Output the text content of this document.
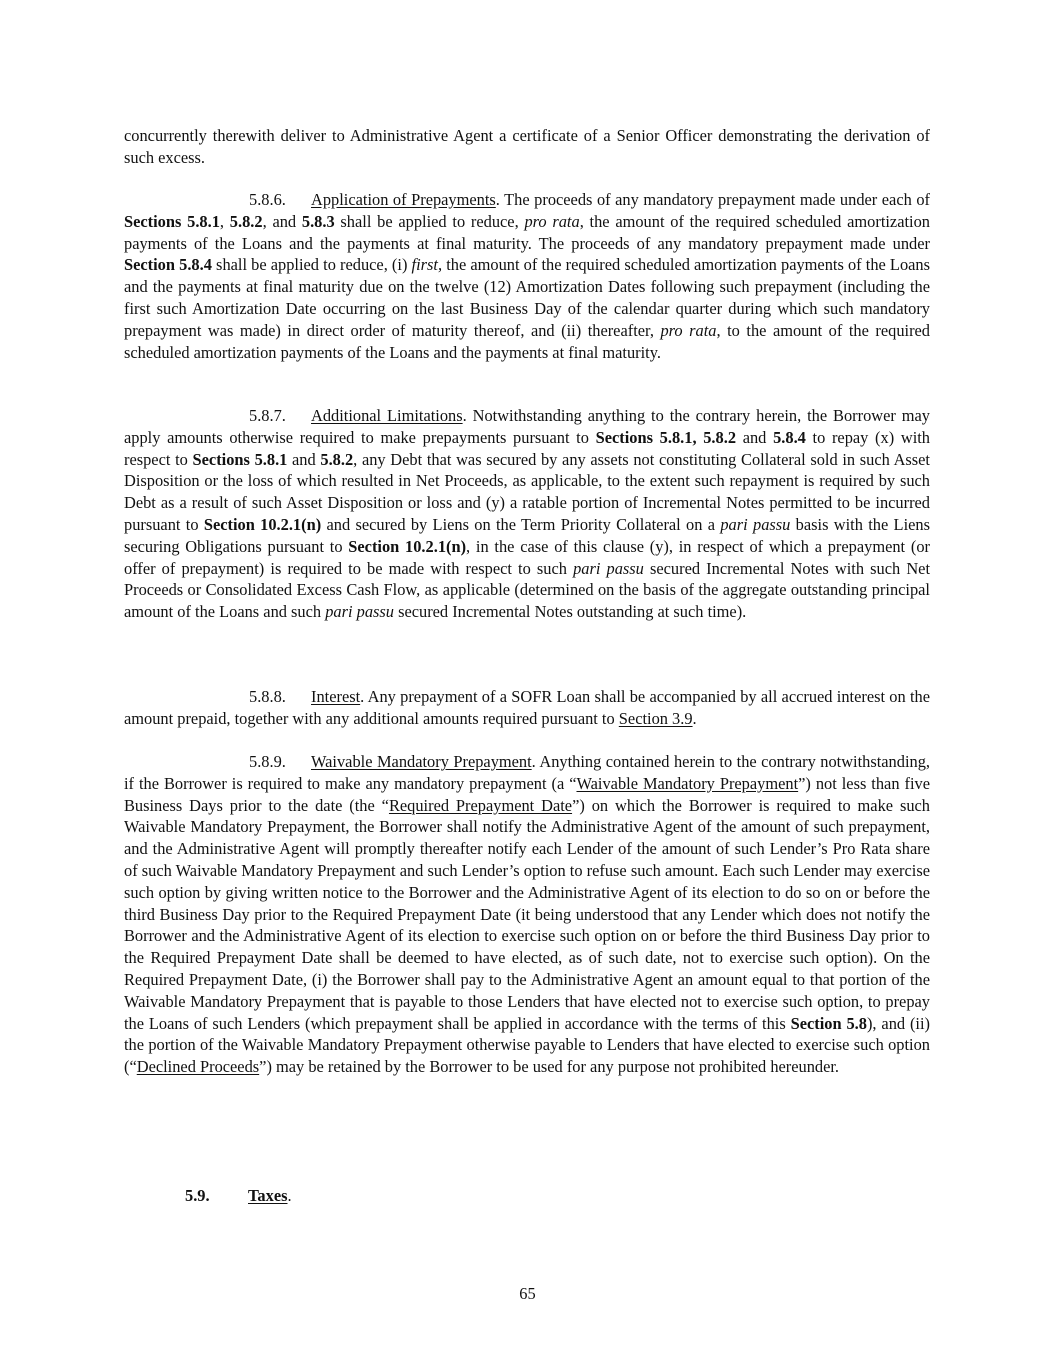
concurrently therewith deliver to Administrative Agent a certificate of a Senior Officer demonstrating the derivation of such excess.

5.8.6. Application of Prepayments. The proceeds of any mandatory prepayment made under each of Sections 5.8.1, 5.8.2, and 5.8.3 shall be applied to reduce, pro rata, the amount of the required scheduled amortization payments of the Loans and the payments at final maturity. The proceeds of any mandatory prepayment made under Section 5.8.4 shall be applied to reduce, (i) first, the amount of the required scheduled amortization payments of the Loans and the payments at final maturity due on the twelve (12) Amortization Dates following such prepayment (including the first such Amortization Date occurring on the last Business Day of the calendar quarter during which such mandatory prepayment was made) in direct order of maturity thereof, and (ii) thereafter, pro rata, to the amount of the required scheduled amortization payments of the Loans and the payments at final maturity.

5.8.7. Additional Limitations. Notwithstanding anything to the contrary herein, the Borrower may apply amounts otherwise required to make prepayments pursuant to Sections 5.8.1, 5.8.2 and 5.8.4 to repay (x) with respect to Sections 5.8.1 and 5.8.2, any Debt that was secured by any assets not constituting Collateral sold in such Asset Disposition or the loss of which resulted in Net Proceeds, as applicable, to the extent such repayment is required by such Debt as a result of such Asset Disposition or loss and (y) a ratable portion of Incremental Notes permitted to be incurred pursuant to Section 10.2.1(n) and secured by Liens on the Term Priority Collateral on a pari passu basis with the Liens securing Obligations pursuant to Section 10.2.1(n), in the case of this clause (y), in respect of which a prepayment (or offer of prepayment) is required to be made with respect to such pari passu secured Incremental Notes with such Net Proceeds or Consolidated Excess Cash Flow, as applicable (determined on the basis of the aggregate outstanding principal amount of the Loans and such pari passu secured Incremental Notes outstanding at such time).

5.8.8. Interest. Any prepayment of a SOFR Loan shall be accompanied by all accrued interest on the amount prepaid, together with any additional amounts required pursuant to Section 3.9.

5.8.9. Waivable Mandatory Prepayment. Anything contained herein to the contrary notwithstanding, if the Borrower is required to make any mandatory prepayment (a “Waivable Mandatory Prepayment”) not less than five Business Days prior to the date (the “Required Prepayment Date”) on which the Borrower is required to make such Waivable Mandatory Prepayment, the Borrower shall notify the Administrative Agent of the amount of such prepayment, and the Administrative Agent will promptly thereafter notify each Lender of the amount of such Lender’s Pro Rata share of such Waivable Mandatory Prepayment and such Lender’s option to refuse such amount. Each such Lender may exercise such option by giving written notice to the Borrower and the Administrative Agent of its election to do so on or before the third Business Day prior to the Required Prepayment Date (it being understood that any Lender which does not notify the Borrower and the Administrative Agent of its election to exercise such option on or before the third Business Day prior to the Required Prepayment Date shall be deemed to have elected, as of such date, not to exercise such option). On the Required Prepayment Date, (i) the Borrower shall pay to the Administrative Agent an amount equal to that portion of the Waivable Mandatory Prepayment that is payable to those Lenders that have elected not to exercise such option, to prepay the Loans of such Lenders (which prepayment shall be applied in accordance with the terms of this Section 5.8), and (ii) the portion of the Waivable Mandatory Prepayment otherwise payable to Lenders that have elected to exercise such option (“Declined Proceeds”) may be retained by the Borrower to be used for any purpose not prohibited hereunder.

5.9. Taxes.

65
